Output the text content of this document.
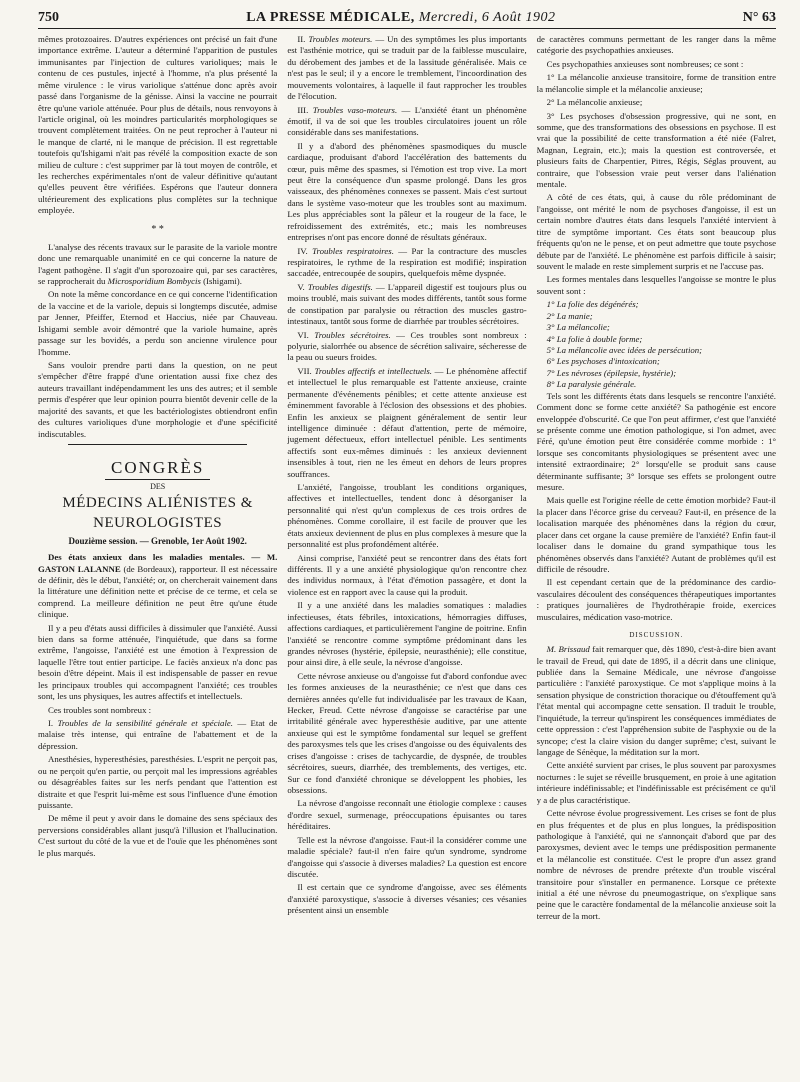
750	LA PRESSE MÉDICALE, Mercredi, 6 Août 1902	N° 63

mêmes protozoaires. D'autres expériences ont précisé un fait d'une importance extrême. L'auteur a déterminé l'apparition de pustules immunisantes par l'injection de cultures varioliques; mais le contenu de ces pustules, injecté à l'homme, n'a plus présenté la même virulence : le virus variolique s'atténue donc après avoir passé dans l'organisme de la génisse. Ainsi la vaccine ne pourrait être qu'une variole atténuée. Pour plus de détails, nous renvoyons à l'article original, où les moindres particularités morphologiques se trouvent complètement traitées. On ne peut reprocher à l'auteur ni le manque de clarté, ni le manque de précision. Il est regrettable toutefois qu'Ishigami n'ait pas révélé la composition exacte de son milieu de culture : c'est supprimer par là tout moyen de contrôle, et les recherches expérimentales n'ont de valeur définitive qu'autant qu'elles peuvent être vérifiées. Espérons que l'auteur donnera ultérieurement des explications plus complètes sur la technique employée.

* *

L'analyse des récents travaux sur le parasite de la variole montre donc une remarquable unanimité en ce qui concerne la nature de l'agent pathogène. Il s'agit d'un sporozoaire qui, par ses caractères, se rapprocherait du Microsporidium Bombycis (Ishigami).

On note la même concordance en ce qui concerne l'identification de la vaccine et de la variole, depuis si longtemps discutée, admise par Jenner, Pfeiffer, Eternod et Haccius, niée par Chauveau. Ishigami semble avoir démontré que la variole humaine, après passage sur les bovidés, a perdu son ancienne virulence pour l'homme.

Sans vouloir prendre parti dans la question, on ne peut s'empêcher d'être frappé d'une orientation aussi fixe chez des auteurs travaillant indépendamment les uns des autres; et il semble permis d'espérer que leur opinion pourra bientôt devenir celle de la majorité des savants, et que les bactériologistes obtiendront enfin des cultures varioliques d'une morphologie et d'une spécificité indiscutables.

CONGRÈS
DES
MÉDECINS ALIÉNISTES & NEUROLOGISTES
Douzième session. — Grenoble, 1er Août 1902.

Des états anxieux dans les maladies mentales. — M. GASTON LALANNE (de Bordeaux), rapporteur. Il est nécessaire de définir, dès le début, l'anxiété; or, on chercherait vainement dans la littérature une définition nette et précise de ce terme, et cela se comprend. La meilleure définition ne peut être qu'une étude clinique.

Il y a peu d'états aussi difficiles à dissimuler que l'anxiété. Aussi bien dans sa forme atténuée, l'inquiétude, que dans sa forme extrême, l'angoisse, l'anxiété est une émotion à l'expression de laquelle l'être tout entier participe. Le faciès anxieux n'a donc pas besoin d'être dépeint. Mais il est indispensable de passer en revue les principaux troubles qui accompagnent l'anxiété; ces troubles sont, les uns physiques, les autres affectifs et intellectuels.

Ces troubles sont nombreux :

I. Troubles de la sensibilité générale et spéciale. — Etat de malaise très intense, qui entraîne de l'abattement et de la dépression.

Anesthésies, hyperesthésies, paresthésies. L'esprit ne perçoit pas, ou ne perçoit qu'en partie, ou perçoit mal les impressions agréables ou désagréables faites sur les nerfs pendant que l'attention est distraite et que l'esprit lui-même est sous l'influence d'une émotion puissante.

De même il peut y avoir dans le domaine des sens spéciaux des perversions considérables allant jusqu'à l'illusion et l'hallucination. C'est surtout du côté de la vue et de l'ouïe que les phénomènes sont le plus marqués.

II. Troubles moteurs. — Un des symptômes les plus importants est l'asthénie motrice, qui se traduit par de la faiblesse musculaire, du dérobement des jambes et de la lassitude généralisée. Mais ce n'est pas le seul; il y a encore le tremblement, l'incoordination des mouvements volontaires, à laquelle il faut rapprocher les troubles de l'élocution.

III. Troubles vaso-moteurs. — L'anxiété étant un phénomène émotif, il va de soi que les troubles circulatoires jouent un rôle considérable dans ses manifestations.

Il y a d'abord des phénomènes spasmodiques du muscle cardiaque, produisant d'abord l'accélération des battements du cœur, puis même des spasmes, si l'émotion est trop vive. La mort peut être la conséquence d'un spasme prolongé. Dans les gros vaisseaux, des phénomènes connexes se passent. Mais c'est surtout dans le système vaso-moteur que les troubles sont au maximum. Les plus appréciables sont la pâleur et la rougeur de la face, le refroidissement des extrémités, etc.; mais les nombreuses entreprises n'ont pas encore donné de résultats généraux.

IV. Troubles respiratoires. — Par la contracture des muscles respiratoires, le rythme de la respiration est modifié; inspiration saccadée, entrecoupée de soupirs, quelquefois même dyspnée.

V. Troubles digestifs. — L'appareil digestif est toujours plus ou moins troublé, mais suivant des modes différents, tantôt sous forme de constipation par paralysie ou rétraction des muscles gastro-intestinaux, tantôt sous forme de diarrhée par troubles sécrétoires.

VI. Troubles sécrétoires. — Ces troubles sont nombreux : polyurie, sialorrhée ou absence de sécrétion salivaire, sécheresse de la peau ou sueurs froides.

VII. Troubles affectifs et intellectuels. — Le phénomène affectif et intellectuel le plus remarquable est l'attente anxieuse, crainte permanente d'événements pénibles; et cette attente anxieuse est éminemment favorable à l'éclosion des obsessions et des phobies. Enfin les anxieux se plaignent généralement de sentir leur intelligence diminuée : défaut d'attention, perte de mémoire, jugement défectueux, effort intellectuel pénible. Les sentiments affectifs sont eux-mêmes diminués : les anxieux deviennent insensibles à tout, rien ne les émeut en dehors de leurs propres souffrances.

L'anxiété, l'angoisse, troublant les conditions organiques, affectives et intellectuelles, tendent donc à désorganiser la personnalité qui n'est qu'un complexus de ces trois ordres de phénomènes. Comme corollaire, il est facile de prouver que les états anxieux deviennent de plus en plus complexes à mesure que la personnalité est plus profondément altérée.

Ainsi comprise, l'anxiété peut se rencontrer dans des états fort différents. Il y a une anxiété physiologique qu'on rencontre chez des individus normaux, à l'état d'émotion passagère, et dont la violence est en rapport avec la cause qui la produit.

Il y a une anxiété dans les maladies somatiques : maladies infectieuses, états fébriles, intoxications, hémorragies diffuses, affections cardiaques, et particulièrement l'angine de poitrine. Enfin l'anxiété se rencontre comme symptôme prédominant dans les grandes névroses (hystérie, épilepsie, neurasthénie); elle constitue, pour ainsi dire, à elle seule, la névrose d'angoisse.

Cette névrose anxieuse ou d'angoisse fut d'abord confondue avec les formes anxieuses de la neurasthénie; ce n'est que dans ces dernières années qu'elle fut individualisée par les travaux de Kaan, Hecker, Freud. Cette névrose d'angoisse se caractérise par une irritabilité générale avec hyperesthésie auditive, par une attente anxieuse qui est le symptôme fondamental sur lequel se greffent des paroxysmes tels que les crises d'angoisse ou des équivalents des crises d'angoisse : crises de tachycardie, de dyspnée, de troubles sécrétoires, sueurs, diarrhée, des tremblements, des vertiges, etc. Sur ce fond d'anxiété chronique se développent les phobies, les obsessions.

La névrose d'angoisse reconnaît une étiologie complexe : causes d'ordre sexuel, surmenage, préoccupations épuisantes ou tares héréditaires.

Telle est la névrose d'angoisse. Faut-il la considérer comme une maladie spéciale? faut-il n'en faire qu'un syndrome, syndrome d'angoisse qui s'associe à diverses maladies? La question est encore discutée.

Il est certain que ce syndrome d'angoisse, avec ses éléments d'anxiété paroxystique, s'associe à diverses vésanies; ces vésanies présentent ainsi un ensemble

de caractères communs permettant de les ranger dans la même catégorie des psychopathies anxieuses.

Ces psychopathies anxieuses sont nombreuses; ce sont :

1° La mélancolie anxieuse transitoire, forme de transition entre la mélancolie simple et la mélancolie anxieuse;

2° La mélancolie anxieuse;

3° Les psychoses d'obsession progressive, qui ne sont, en somme, que des transformations des obsessions en psychose. Il est vrai que la possibilité de cette transformation a été niée (Falret, Magnan, Legrain, etc.); mais la question est controversée, et plusieurs faits de Charpentier, Pitres, Régis, Séglas prouvent, au contraire, que l'obsession vraie peut verser dans l'aliénation mentale.

A côté de ces états, qui, à cause du rôle prédominant de l'angoisse, ont mérité le nom de psychoses d'angoisse, il est un certain nombre d'autres états dans lesquels l'anxiété intervient à titre de symptôme important. Ces états sont beaucoup plus fréquents qu'on ne le pense, et on peut admettre que toute psychose débute par de l'anxiété. Le phénomène est parfois difficile à saisir; souvent le malade en reste simplement surpris et ne l'accuse pas.

Les formes mentales dans lesquelles l'angoisse se montre le plus souvent sont :

1° La folie des dégénérés;

2° La manie;

3° La mélancolie;

4° La folie à double forme;

5° La mélancolie avec idées de persécution;

6° Les psychoses d'intoxication;

7° Les névroses (épilepsie, hystérie);

8° La paralysie générale.

Tels sont les différents états dans lesquels se rencontre l'anxiété. Comment donc se forme cette anxiété? Sa pathogénie est encore enveloppée d'obscurité. Ce que l'on peut affirmer, c'est que l'anxiété se présente comme une émotion pathologique, si l'on admet, avec Féré, qu'une émotion peut être considérée comme morbide : 1° lorsque ses concomitants physiologiques se présentent avec une intensité extraordinaire; 2° lorsqu'elle se produit sans cause déterminante suffisante; 3° lorsque ses effets se prolongent outre mesure.

Mais quelle est l'origine réelle de cette émotion morbide? Faut-il la placer dans l'écorce grise du cerveau? Faut-il, en présence de la localisation marquée des phénomènes dans la région du cœur, placer dans cet organe la cause première de l'anxiété? Enfin faut-il localiser dans le domaine du grand sympathique tous les phénomènes observés dans l'anxiété? Autant de problèmes qu'il est difficile de résoudre.

Il est cependant certain que de la prédominance des cardio-vasculaires découlent des conséquences thérapeutiques importantes : pratiques journalières de l'hydrothérapie froide, exercices musculaires, médication vaso-motrice.

DISCUSSION.

M. Brissaud fait remarquer que, dès 1890, c'est-à-dire bien avant le travail de Freud, qui date de 1895, il a décrit dans une clinique, publiée dans la Semaine Médicale, une névrose d'angoisse particulière : l'anxiété paroxystique. Ce mot s'applique moins à la sensation physique de constriction thoracique ou d'étouffement qu'à l'état mental qui accompagne cette sensation. Il traduit le trouble, l'inquiétude, la terreur qu'inspirent les conséquences immédiates de cette oppression : c'est l'appréhension subite de l'asphyxie ou de la syncope; c'est la claire vision du danger suprême; c'est, suivant le langage de Sénèque, la méditation sur la mort.

Cette anxiété survient par crises, le plus souvent par paroxysmes nocturnes : le sujet se réveille brusquement, en proie à une agitation intérieure indéfinissable; et l'indéfinissable est précisément ce qu'il y a de plus caractéristique.

Cette névrose évolue progressivement. Les crises se font de plus en plus fréquentes et de plus en plus longues, la prédisposition pathologique à l'anxiété, qui ne s'annonçait d'abord que par des paroxysmes, devient avec le temps une prédisposition permanente et la mélancolie est constituée. C'est le propre d'un assez grand nombre de névroses de prendre prétexte d'un trouble viscéral transitoire pour s'installer en permanence. Lorsque ce prétexte initial a été une névrose du pneumogastrique, on s'explique sans peine que le caractère fondamental de la mélancolie anxieuse soit la terreur de la mort.
